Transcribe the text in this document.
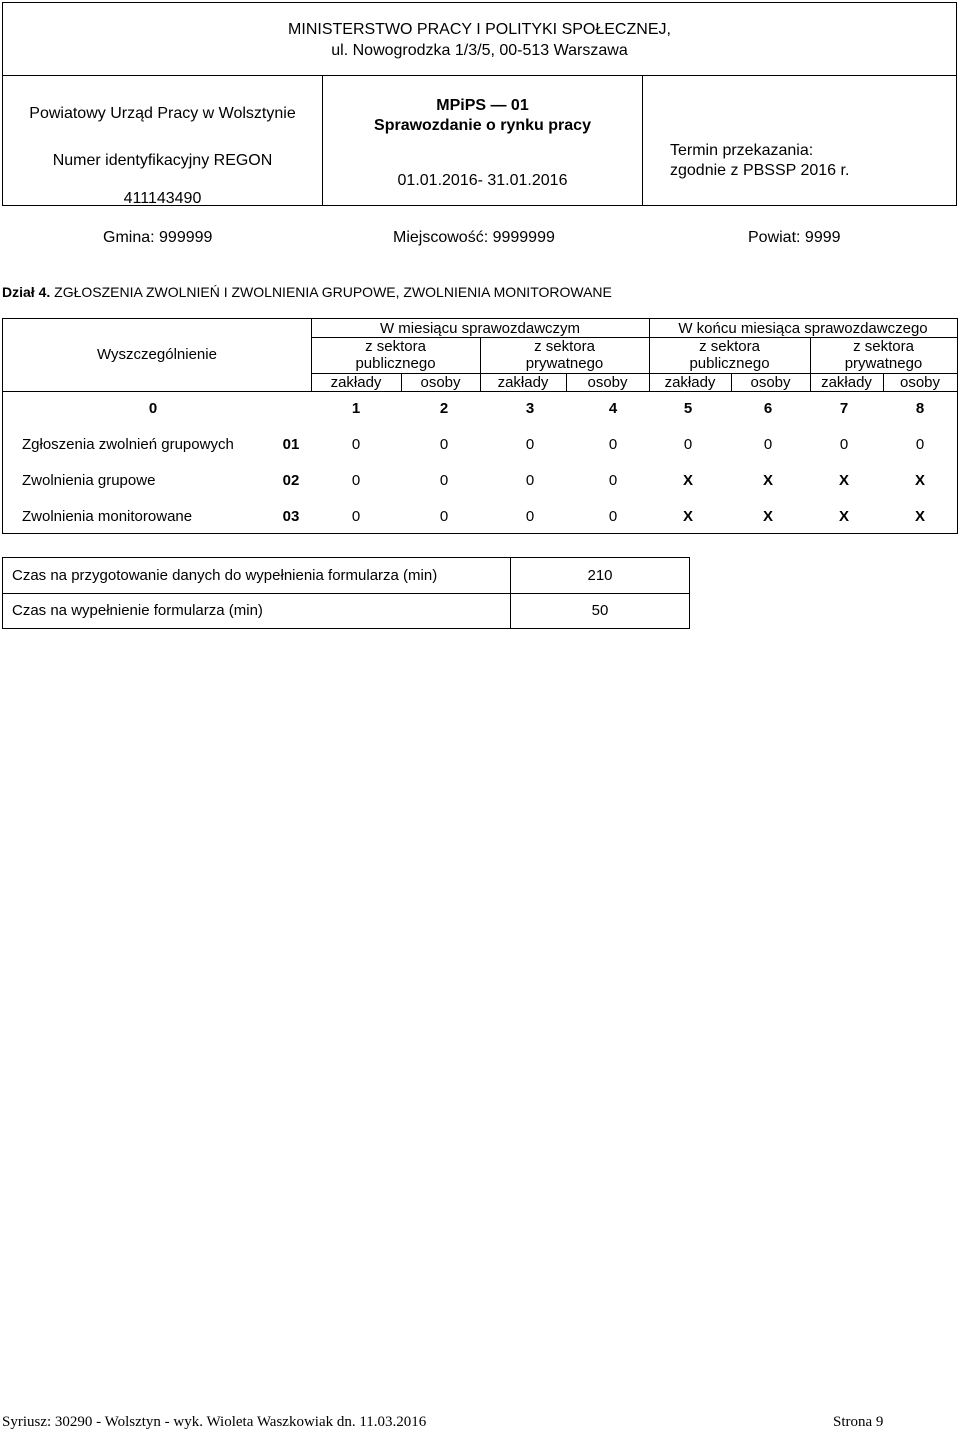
MINISTERSTWO PRACY I POLITYKI SPOŁECZNEJ,
ul. Nowogrodzka 1/3/5, 00-513 Warszawa
Powiatowy Urząd Pracy w Wolsztynie
Numer identyfikacyjny REGON
411143490
MPiPS — 01
Sprawozdanie o rynku pracy
01.01.2016- 31.01.2016
Termin przekazania:
zgodnie z PBSSP 2016 r.
Gmina: 999999	Miejscowość: 9999999	Powiat: 9999
Dział 4. ZGŁOSZENIA ZWOLNIEŃ I ZWOLNIENIA GRUPOWE, ZWOLNIENIA MONITOROWANE
Wyszczególnienie
W miesiącu sprawozdawczym	W końcu miesiąca sprawozdawczego
z sektora
publicznego
z sektora
prywatnego
z sektora
publicznego
z sektora
prywatnego
zakłady	osoby	zakłady	osoby	zakłady	osoby	zakłady	osoby
0	1	2	3	4	5	6	7	8
Zgłoszenia zwolnień grupowych	01	0	0	0	0	0	0	0	0
Zwolnienia grupowe	02	0	0	0	0	X	X	X	X
Zwolnienia monitorowane	03	0	0	0	0	X	X	X	X
Czas na przygotowanie danych do wypełnienia formularza (min)	210
Czas na wypełnienie formularza (min)	50
Syriusz: 30290 - Wolsztyn - wyk. Wioleta Waszkowiak dn. 11.03.2016	Strona 9
